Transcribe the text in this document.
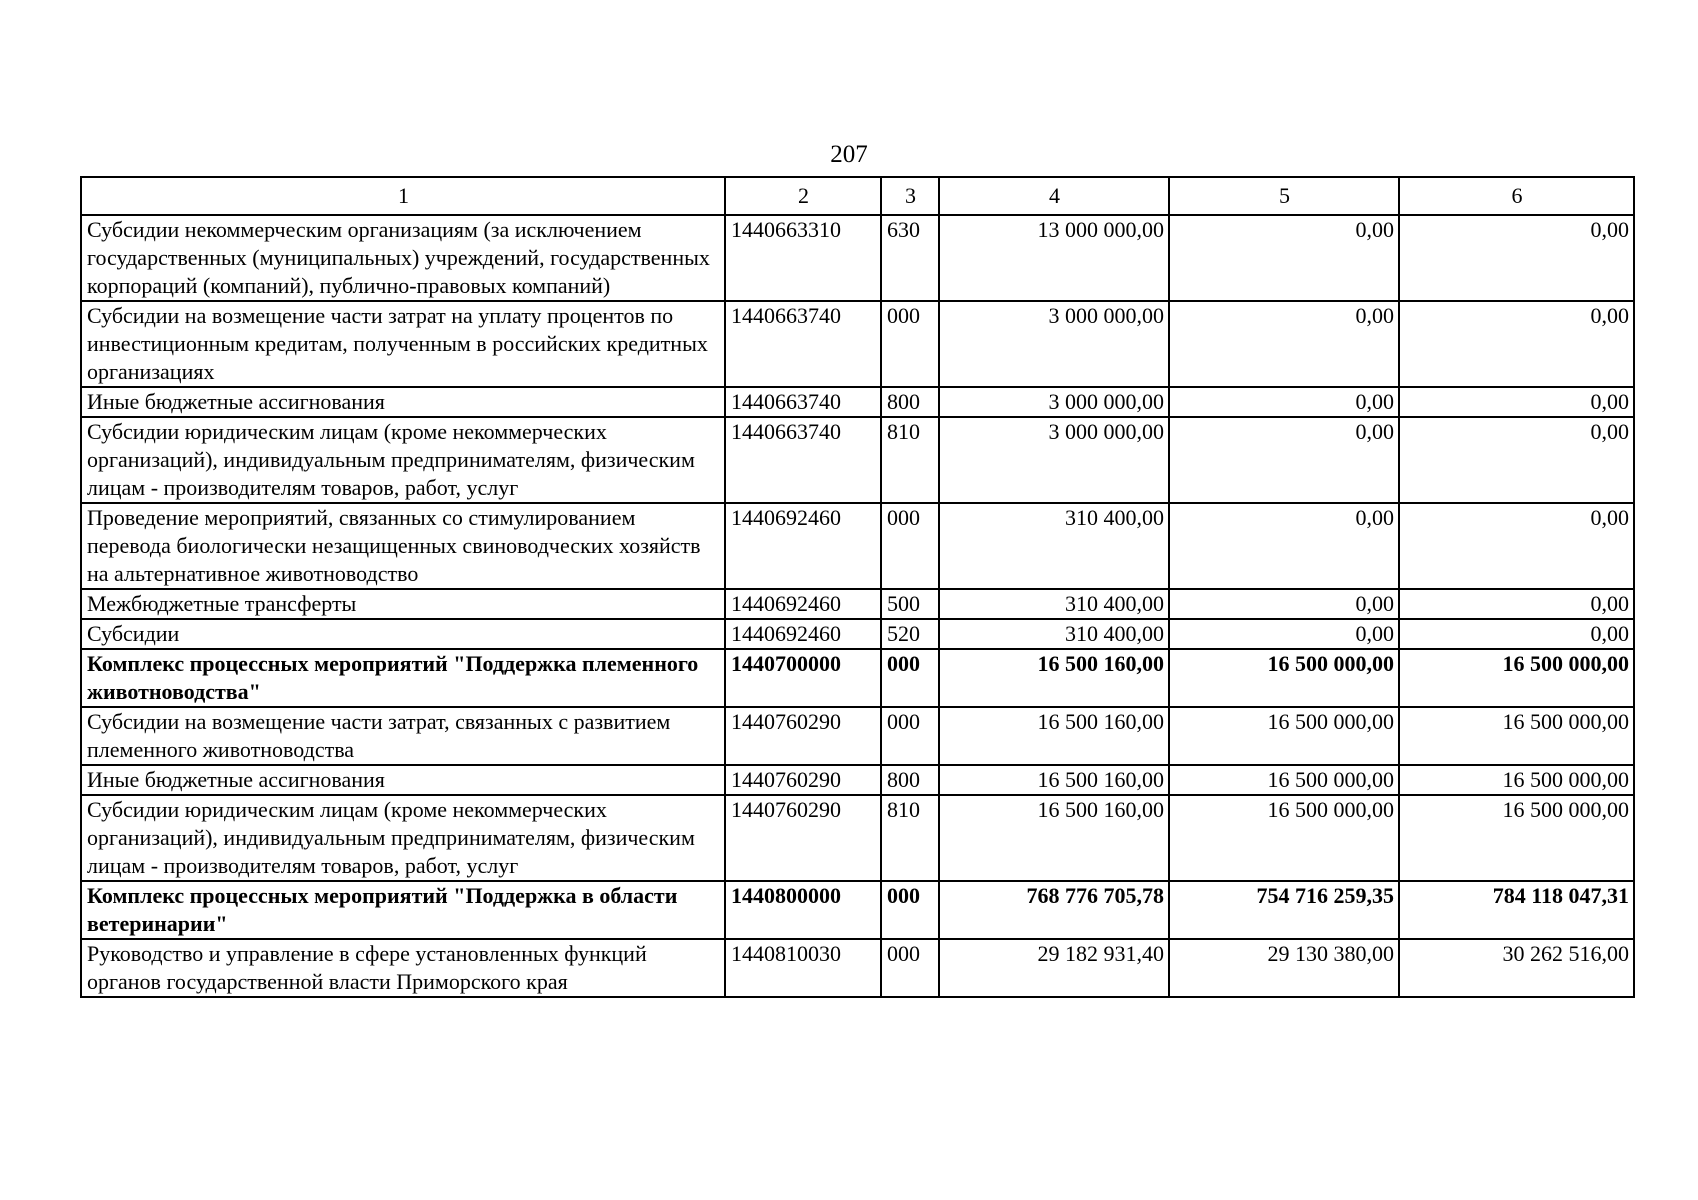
207
1	2	3	4	5	6
Субсидии некоммерческим организациям (за исключением государственных (муниципальных) учреждений, государственных корпораций (компаний), публично-правовых компаний)	1440663310	630	13 000 000,00	0,00	0,00
Субсидии на возмещение части затрат на уплату процентов по инвестиционным кредитам, полученным в российских кредитных организациях	1440663740	000	3 000 000,00	0,00	0,00
Иные бюджетные ассигнования	1440663740	800	3 000 000,00	0,00	0,00
Субсидии юридическим лицам (кроме некоммерческих организаций), индивидуальным предпринимателям, физическим лицам - производителям товаров, работ, услуг	1440663740	810	3 000 000,00	0,00	0,00
Проведение мероприятий, связанных со стимулированием перевода биологически незащищенных свиноводческих хозяйств на альтернативное животноводство	1440692460	000	310 400,00	0,00	0,00
Межбюджетные трансферты	1440692460	500	310 400,00	0,00	0,00
Субсидии	1440692460	520	310 400,00	0,00	0,00
Комплекс процессных мероприятий "Поддержка племенного животноводства"	1440700000	000	16 500 160,00	16 500 000,00	16 500 000,00
Субсидии на возмещение части затрат, связанных с развитием племенного животноводства	1440760290	000	16 500 160,00	16 500 000,00	16 500 000,00
Иные бюджетные ассигнования	1440760290	800	16 500 160,00	16 500 000,00	16 500 000,00
Субсидии юридическим лицам (кроме некоммерческих организаций), индивидуальным предпринимателям, физическим лицам - производителям товаров, работ, услуг	1440760290	810	16 500 160,00	16 500 000,00	16 500 000,00
Комплекс процессных мероприятий "Поддержка в области ветеринарии"	1440800000	000	768 776 705,78	754 716 259,35	784 118 047,31
Руководство и управление в сфере установленных функций органов государственной власти Приморского края	1440810030	000	29 182 931,40	29 130 380,00	30 262 516,00
